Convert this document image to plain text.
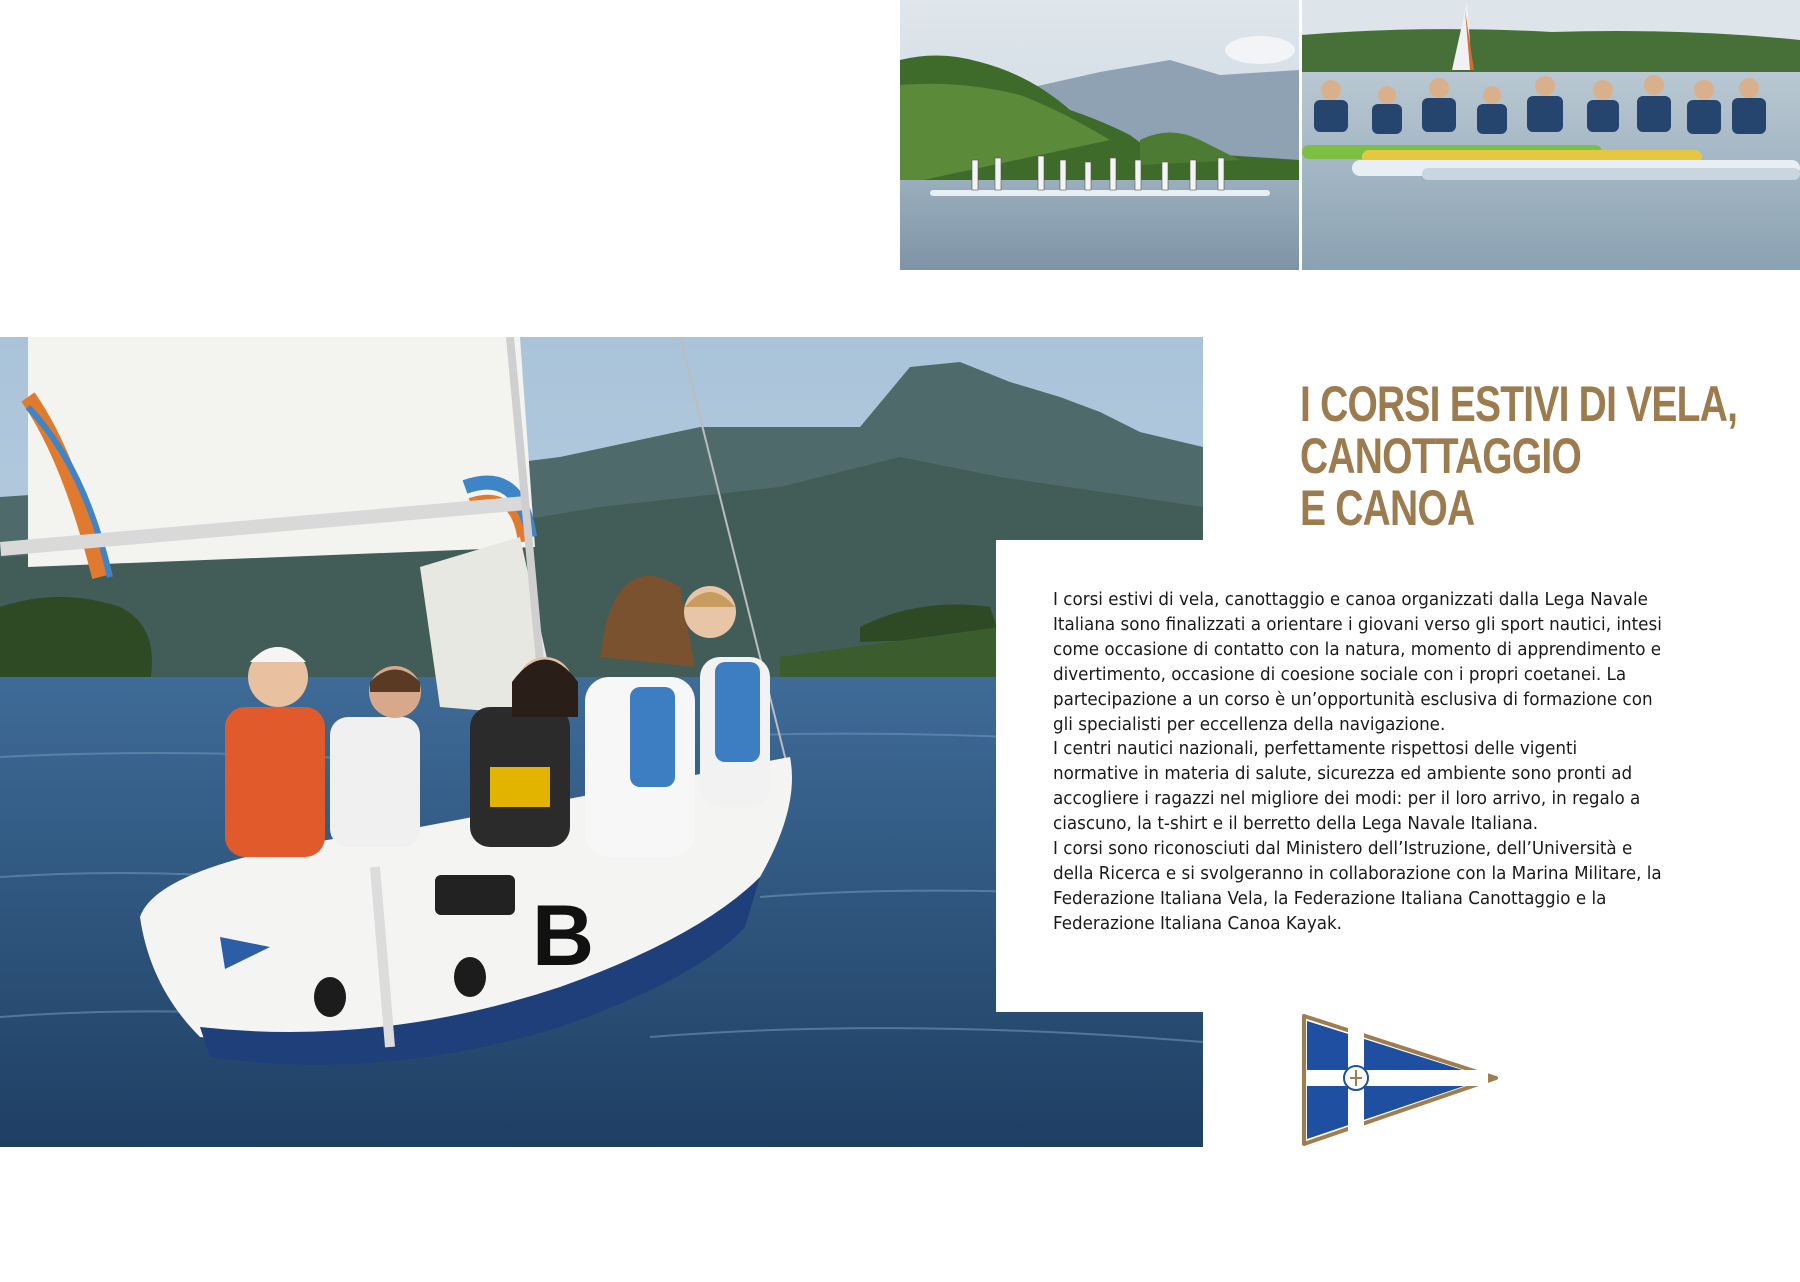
B
I CORSI ESTIVI DI VELA,
CANOTTAGGIO
E CANOA

I corsi estivi di vela, canottaggio e canoa organizzati dalla Lega Navale Italiana sono finalizzati a orientare i giovani verso gli sport nautici, intesi come occasione di contatto con la natura, momento di apprendimento e divertimento, occasione di coesione sociale con i propri coetanei. La partecipazione a un corso è un’opportunità esclusiva di formazione con gli specialisti per eccellenza della navigazione.

I centri nautici nazionali, perfettamente rispettosi delle vigenti normative in materia di salute, sicurezza ed ambiente sono pronti ad accogliere i ragazzi nel migliore dei modi: per il loro arrivo, in regalo a ciascuno, la t-shirt e il berretto della Lega Navale Italiana.

I corsi sono riconosciuti dal Ministero dell’Istruzione, dell’Università e della Ricerca e si svolgeranno in collaborazione con la Marina Militare, la Federazione Italiana Vela, la Federazione Italiana Canottaggio e la Federazione Italiana Canoa Kayak.
